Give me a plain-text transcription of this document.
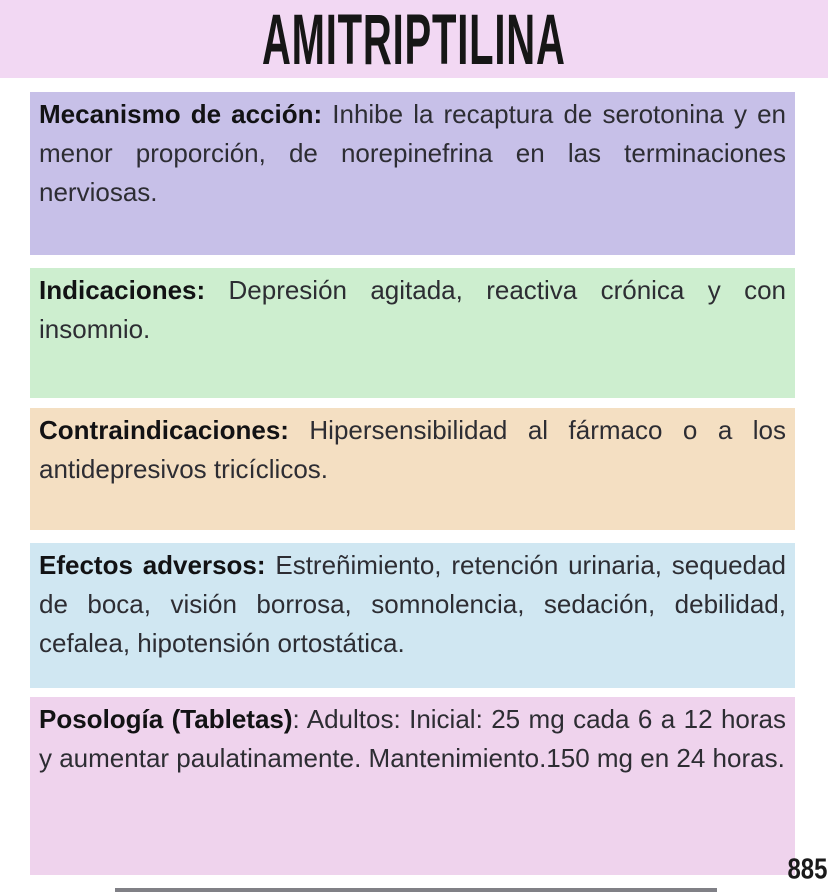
AMITRIPTILINA

Mecanismo de acción: Inhibe la recaptura de serotonina y en menor proporción, de norepinefrina en las terminaciones nerviosas.

Indicaciones: Depresión agitada, reactiva crónica y con insomnio.

Contraindicaciones: Hipersensibilidad al fármaco o a los antidepresivos tricíclicos.

Efectos adversos: Estreñimiento, retención urinaria, sequedad de boca, visión borrosa, somnolencia, sedación, debilidad, cefalea, hipotensión ortostática.

Posología (Tabletas): Adultos: Inicial: 25 mg cada 6 a 12 horas y aumentar paulatinamente. Mantenimiento.150 mg en 24 horas.

885
